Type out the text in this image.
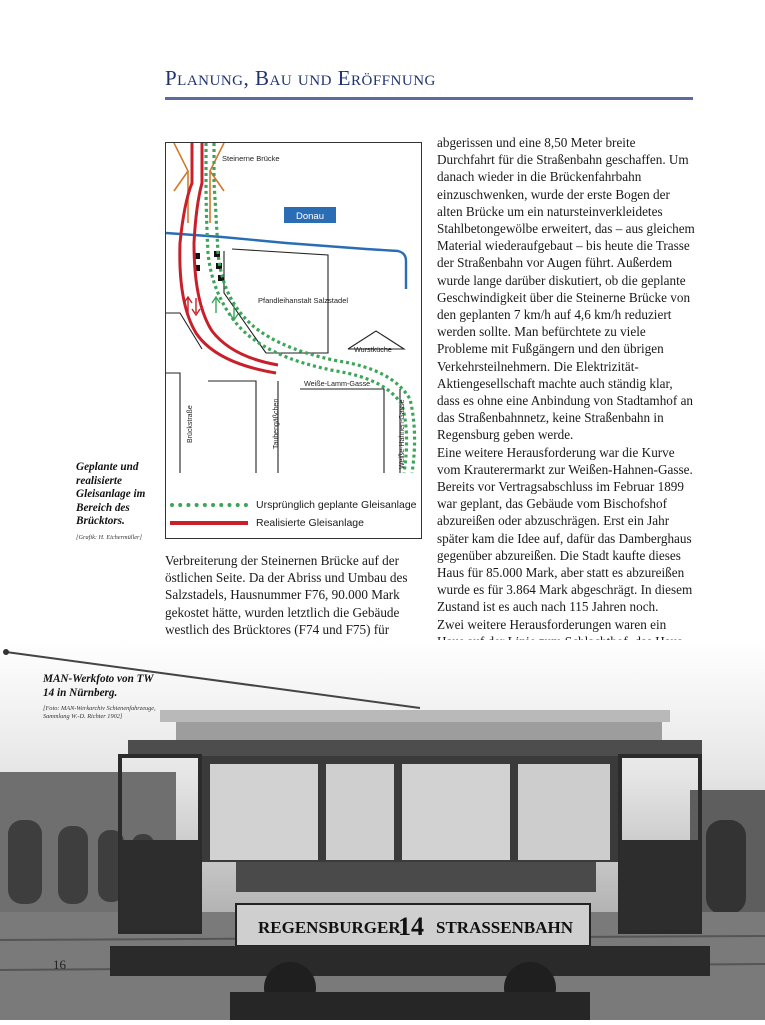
Planung, Bau und Eröffnung
Donau
Steinerne Brücke
Pfandleihanstalt Salzstadel
Wurstküche
Weiße-Lamm-Gasse
Brückstraße	Taubengäßchen	Weiße-Hahnen-Gasse
Ursprünglich geplante Gleisanlage
Realisierte Gleisanlage
Geplante und realisierte Gleisanlage im Bereich des Brücktors.
[Grafik: H. Eichermüller]

Verbreiterung der Steinernen Brücke auf der östlichen Seite. Da der Abriss und Umbau des Salzstadels, Hausnummer F76, 90.000 Mark gekostet hätte, wurden letztlich die Gebäude westlich des Brücktores (F74 und F75) für

abgerissen und eine 8,50 Meter breite Durchfahrt für die Straßenbahn geschaffen. Um danach wieder in die Brückenfahrbahn einzuschwenken, wurde der erste Bogen der alten Brücke um ein natursteinverkleidetes Stahlbetongewölbe erweitert, das – aus gleichem Material wiederaufgebaut – bis heute die Trasse der Straßenbahn vor Augen führt. Außerdem wurde lange darüber diskutiert, ob die geplante Geschwindigkeit über die Steinerne Brücke von den geplanten 7 km/h auf 4,6 km/h reduziert werden sollte. Man befürchtete zu viele Probleme mit Fußgängern und den übrigen Verkehrsteilnehmern. Die Elektrizität-Aktiengesellschaft machte auch ständig klar, dass es ohne eine Anbindung von Stadtamhof an das Straßenbahnnetz, keine Straßenbahn in Regensburg geben werde.

Eine weitere Herausforderung war die Kurve vom Krauterermarkt zur Weißen-Hahnen-Gasse. Bereits vor Vertragsabschluss im Februar 1899 war geplant, das Gebäude vom Bischofshof abzureißen oder abzuschrägen. Erst ein Jahr später kam die Idee auf, dafür das Damberghaus gegenüber abzureißen. Die Stadt kaufte dieses Haus für 85.000 Mark, aber statt es abzureißen wurde es für 3.864 Mark abgeschrägt. In diesem Zustand ist es auch nach 115 Jahren noch.

Zwei weitere Herausforderungen waren ein

REGENSBURGER
14 STRASSENBAHN
MAN-Werkfoto von TW 14 in Nürnberg.
[Foto: MAN-Werkarchiv Schienenfahrzeuge, Sammlung W.-D. Richter 1902]
16
